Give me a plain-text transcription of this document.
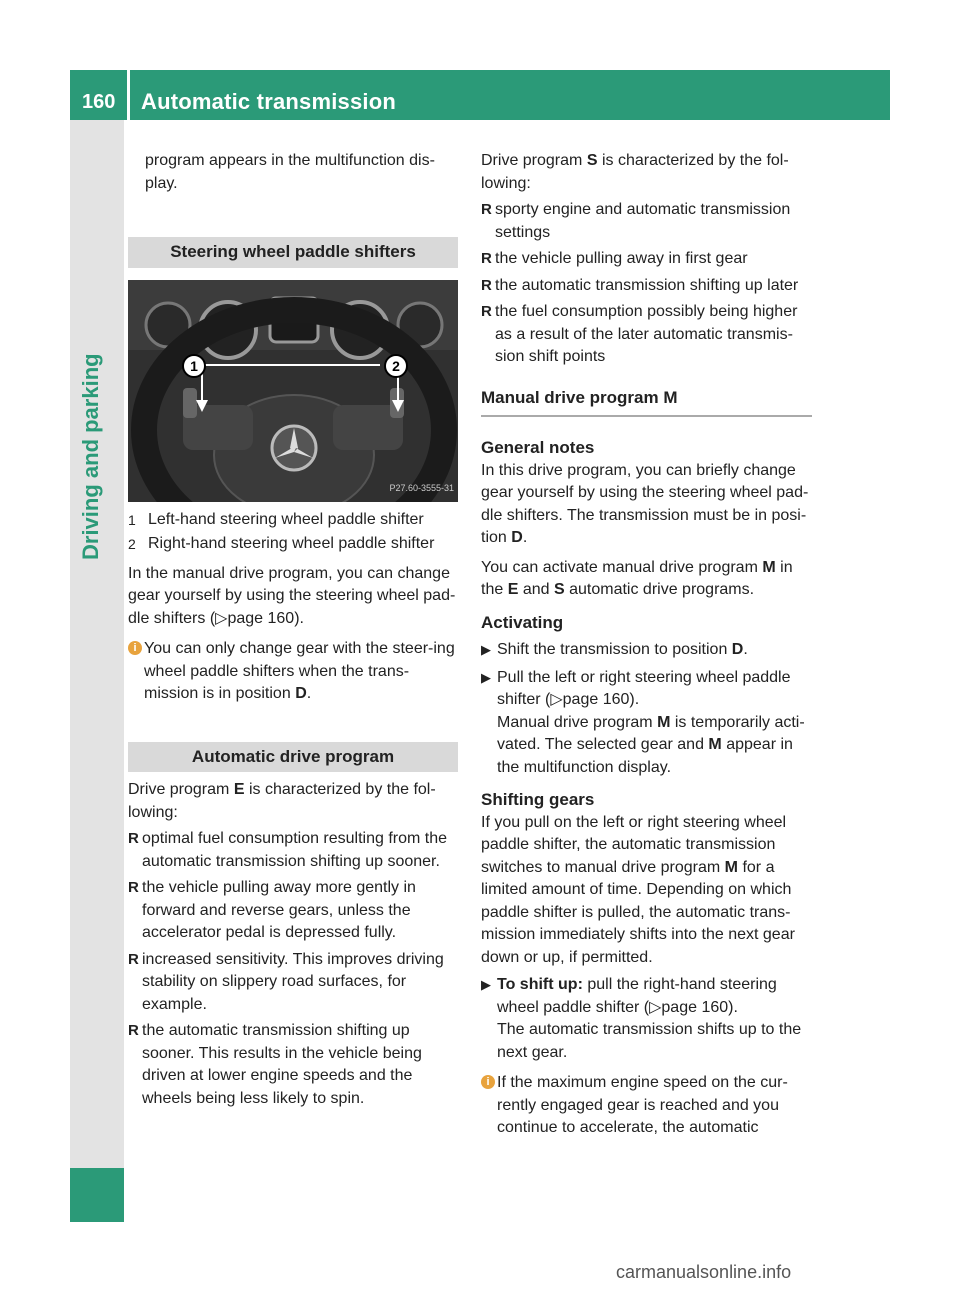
160 Automatic transmission
Driving and parking

program appears in the multifunction dis-play.

Steering wheel paddle shifters
1	2
P27.60-3555-31
1 Left-hand steering wheel paddle shifter
2 Right-hand steering wheel paddle shifter

In the manual drive program, you can change gear yourself by using the steering wheel pad-dle shifters (▷page 160).

i You can only change gear with the steer-ing wheel paddle shifters when the trans-mission is in position D.
Automatic drive program

Drive program E is characterized by the fol-lowing:

R optimal fuel consumption resulting from the automatic transmission shifting up sooner.
R the vehicle pulling away more gently in forward and reverse gears, unless the accelerator pedal is depressed fully.
R increased sensitivity. This improves driving stability on slippery road surfaces, for example.
R the automatic transmission shifting up sooner. This results in the vehicle being driven at lower engine speeds and the wheels being less likely to spin.

Drive program S is characterized by the fol-lowing:

R sporty engine and automatic transmission settings
R the vehicle pulling away in first gear
R the automatic transmission shifting up later
R the fuel consumption possibly being higher as a result of the later automatic transmis-sion shift points
Manual drive program M
General notes

In this drive program, you can briefly change gear yourself by using the steering wheel pad-dle shifters. The transmission must be in posi-tion D.

You can activate manual drive program M in the E and S automatic drive programs.

Activating
▶ Shift the transmission to position D.
▶ Pull the left or right steering wheel paddle shifter (▷page 160).
Manual drive program M is temporarily acti-vated. The selected gear and M appear in the multifunction display.
Shifting gears

If you pull on the left or right steering wheel paddle shifter, the automatic transmission switches to manual drive program M for a limited amount of time. Depending on which paddle shifter is pulled, the automatic trans-mission immediately shifts into the next gear down or up, if permitted.

▶ To shift up: pull the right-hand steering wheel paddle shifter (▷page 160).
The automatic transmission shifts up to the next gear.
i If the maximum engine speed on the cur-rently engaged gear is reached and you continue to accelerate, the automatic
carmanualsonline.info
